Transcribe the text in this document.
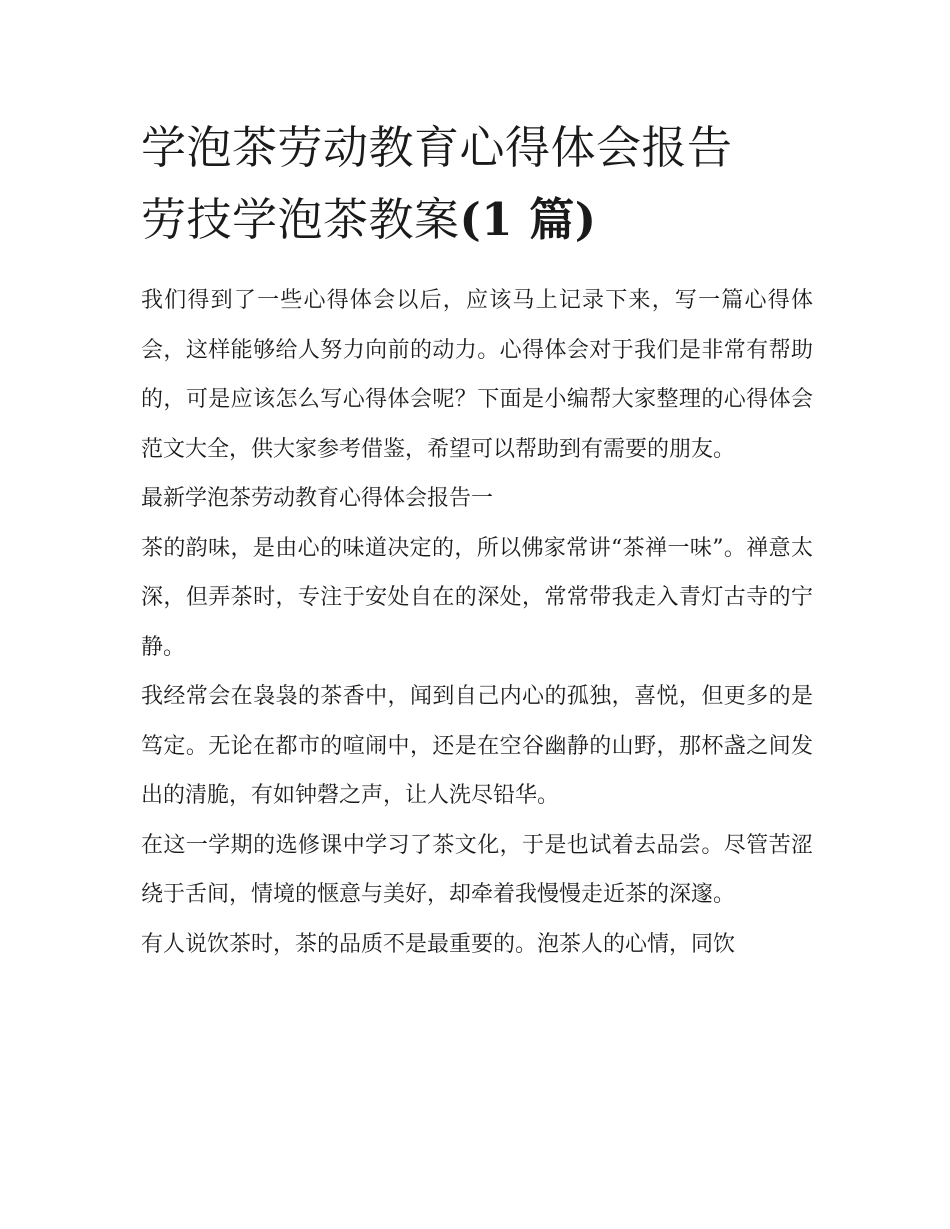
学泡茶劳动教育心得体会报告
劳技学泡茶教案(1 篇)

我们得到了一些心得体会以后，应该马上记录下来，写一篇心得体会，这样能够给人努力向前的动力。心得体会对于我们是非常有帮助的，可是应该怎么写心得体会呢？下面是小编帮大家整理的心得体会范文大全，供大家参考借鉴，希望可以帮助到有需要的朋友。

最新学泡茶劳动教育心得体会报告一

茶的韵味，是由心的味道决定的，所以佛家常讲“茶禅一味”。禅意太深，但弄茶时，专注于安处自在的深处，常常带我走入青灯古寺的宁静。

我经常会在袅袅的茶香中，闻到自己内心的孤独，喜悦，但更多的是笃定。无论在都市的喧闹中，还是在空谷幽静的山野，那杯盏之间发出的清脆，有如钟磬之声，让人洗尽铅华。

在这一学期的选修课中学习了茶文化，于是也试着去品尝。尽管苦涩绕于舌间，情境的惬意与美好，却牵着我慢慢走近茶的深邃。

有人说饮茶时，茶的品质不是最重要的。泡茶人的心情，同饮
